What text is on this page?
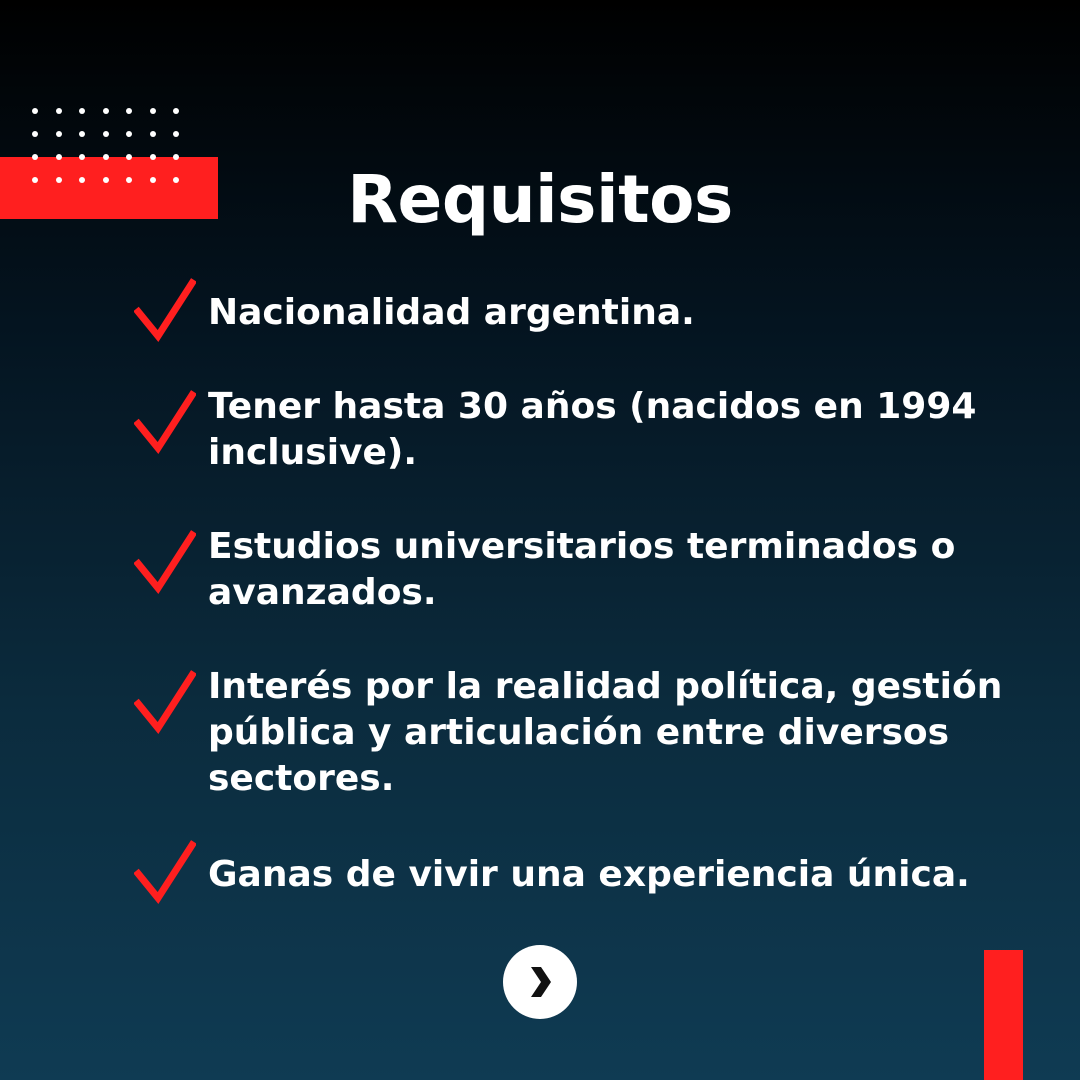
Requisitos
Nacionalidad argentina.
Tener hasta 30 años (nacidos en 1994
inclusive).
Estudios universitarios terminados o
avanzados.
Interés por la realidad política, gestión
pública y articulación entre diversos
sectores.
Ganas de vivir una experiencia única.
